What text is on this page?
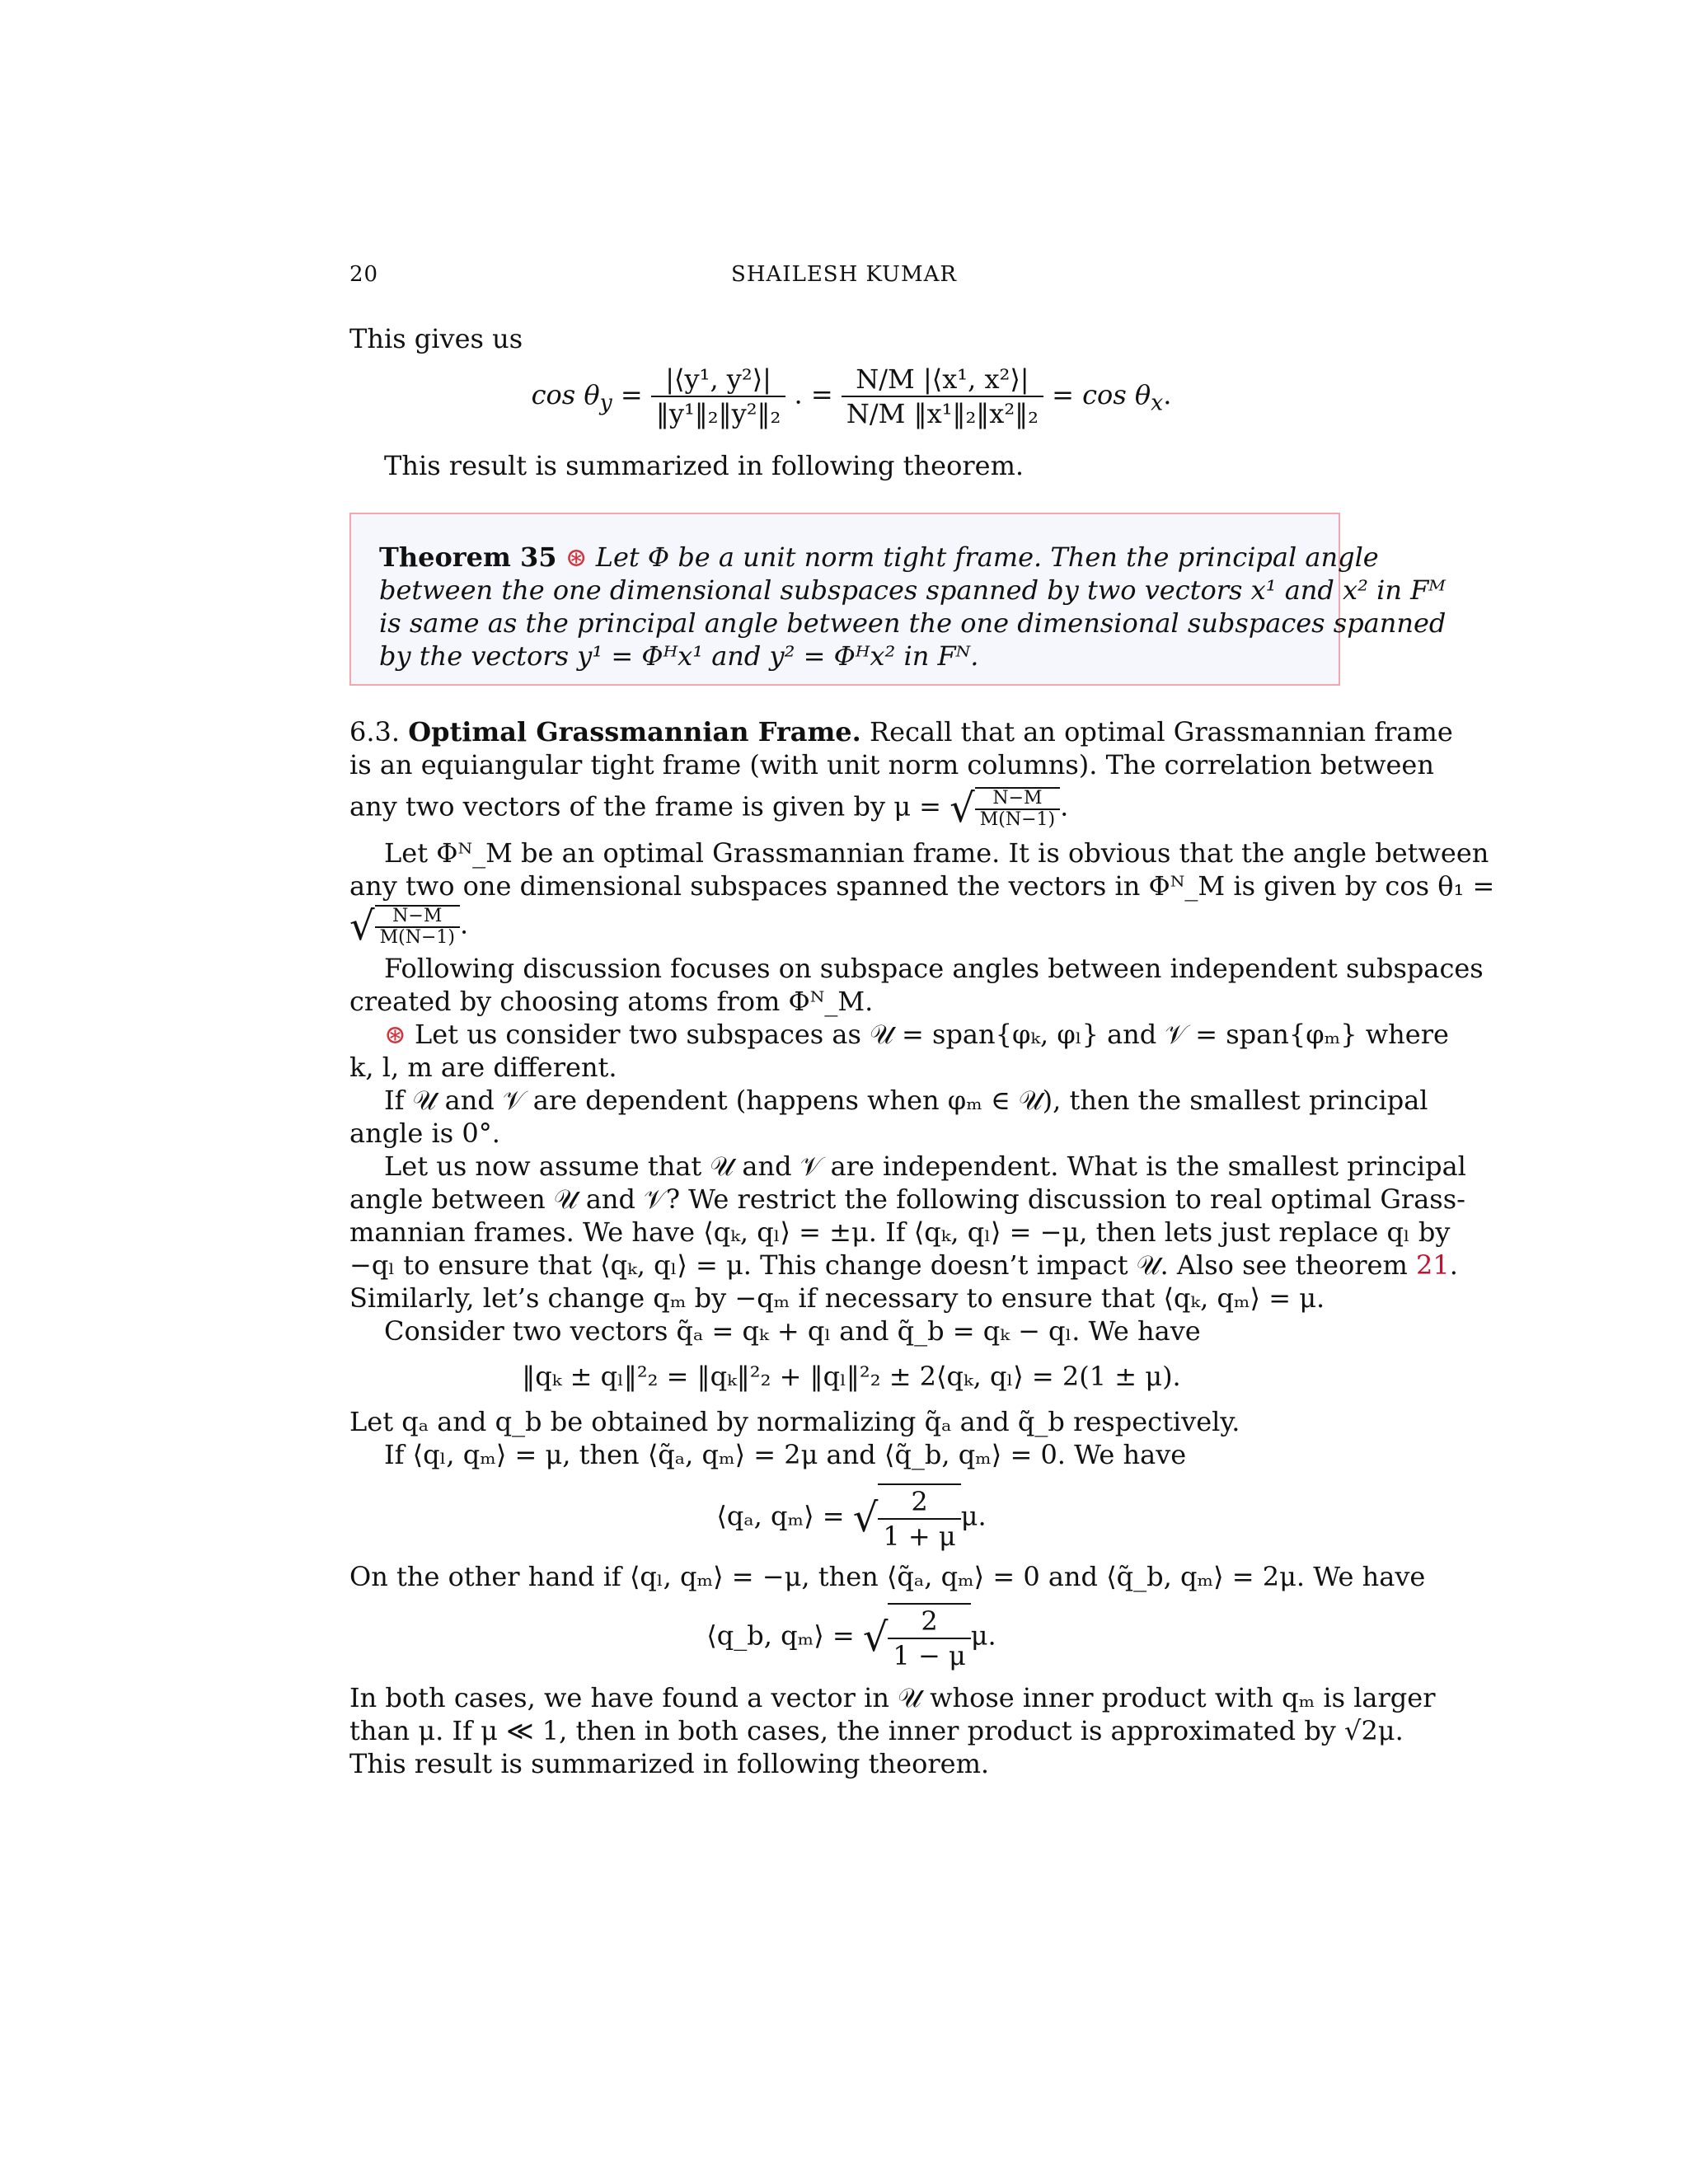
20	SHAILESH KUMAR
This gives us
$\cos \theta_y = \frac{\text{|⟨y¹, y²⟩|}}{\text{‖y¹‖₂‖y²‖₂}}$ . = $\frac{\text{N/M |⟨x¹, x²⟩|}}{\text{N/M ‖x¹‖₂‖x²‖₂}} = \cos \theta_x$.
This result is summarized in following theorem.
Theorem 35 ⊛ Let Φ be a unit norm tight frame. Then the principal angle
between the one dimensional subspaces spanned by two vectors x¹ and x² in Fᴹ
is same as the principal angle between the one dimensional subspaces spanned
by the vectors y¹ = Φᴴx¹ and y² = Φᴴx² in Fᴺ.
6.3. Optimal Grassmannian Frame. Recall that an optimal Grassmannian frame
is an equiangular tight frame (with unit norm columns). The correlation between
any two vectors of the frame is given by μ = √ $\frac{N-M}{M(N-1)}$ .
Let Φᴺ_M be an optimal Grassmannian frame. It is obvious that the angle between
any two one dimensional subspaces spanned the vectors in Φᴺ_M is given by cos θ₁ =
√ $\frac{N-M}{M(N-1)}$ .
Following discussion focuses on subspace angles between independent subspaces
created by choosing atoms from Φᴺ_M.
⊛ Let us consider two subspaces as 𝒰 = span{φₖ, φₗ} and 𝒱 = span{φₘ} where
k, l, m are different.
If 𝒰 and 𝒱 are dependent (happens when φₘ ∈ 𝒰), then the smallest principal
angle is 0°.
Let us now assume that 𝒰 and 𝒱 are independent. What is the smallest principal
angle between 𝒰 and 𝒱? We restrict the following discussion to real optimal Grass-
mannian frames. We have ⟨qₖ, qₗ⟩ = ±μ. If ⟨qₖ, qₗ⟩ = −μ, then lets just replace qₗ by
−qₗ to ensure that ⟨qₖ, qₗ⟩ = μ. This change doesn’t impact 𝒰. Also see theorem 21.
Similarly, let’s change qₘ by −qₘ if necessary to ensure that ⟨qₖ, qₘ⟩ = μ.
Consider two vectors q̃ₐ = qₖ + qₗ and q̃_b = qₖ − qₗ. We have
‖qₖ ± qₗ‖²₂ = ‖qₖ‖²₂ + ‖qₗ‖²₂ ± 2⟨qₖ, qₗ⟩ = 2(1 ± μ).
Let qₐ and q_b be obtained by normalizing q̃ₐ and q̃_b respectively.
If ⟨qₗ, qₘ⟩ = μ, then ⟨q̃ₐ, qₘ⟩ = 2μ and ⟨q̃_b, qₘ⟩ = 0. We have
⟨qₐ, qₘ⟩ = √ $\frac{2}{1 + \mu} \mu$.
On the other hand if ⟨qₗ, qₘ⟩ = −μ, then ⟨q̃ₐ, qₘ⟩ = 0 and ⟨q̃_b, qₘ⟩ = 2μ. We have
⟨q_b, qₘ⟩ = √ $\frac{2}{1 - \mu} \mu$.
In both cases, we have found a vector in 𝒰 whose inner product with qₘ is larger
than μ. If μ ≪ 1, then in both cases, the inner product is approximated by √2μ.
This result is summarized in following theorem.
